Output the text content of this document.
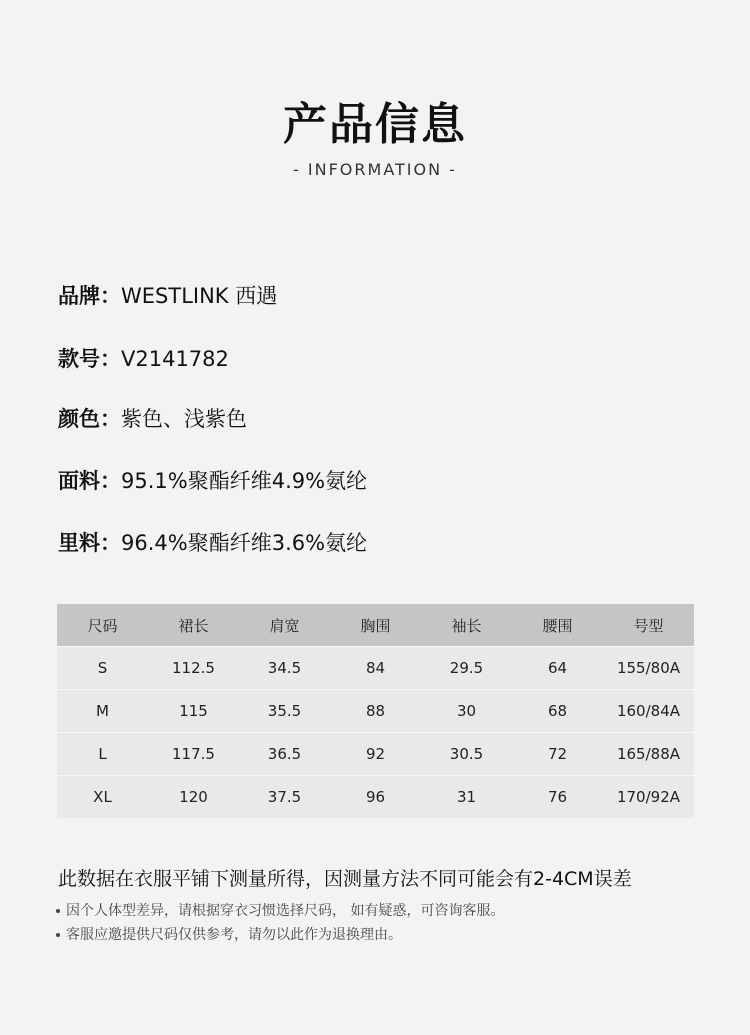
产品信息
- INFORMATION -
品牌：WESTLINK 西遇
款号：V2141782
颜色：紫色、浅紫色
面料：95.1%聚酯纤维4.9%氨纶
里料：96.4%聚酯纤维3.6%氨纶
尺码	裙长	肩宽	胸围	袖长	腰围	号型
S	112.5	34.5	84	29.5	64	155/80A
M	115	35.5	88	30	68	160/84A
L	117.5	36.5	92	30.5	72	165/88A
XL	120	37.5	96	31	76	170/92A
此数据在衣服平铺下测量所得，因测量方法不同可能会有2-4CM误差
因个人体型差异，请根据穿衣习惯选择尺码， 如有疑惑，可咨询客服。
客服应邀提供尺码仅供参考，请勿以此作为退换理由。
